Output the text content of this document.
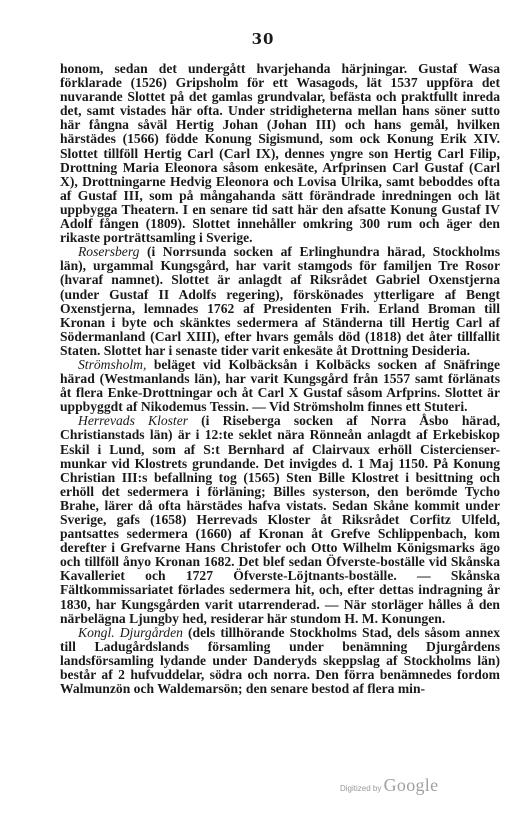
30

honom, sedan det undergått hvarjehanda härjningar. Gustaf Wasa förklarade (1526) Gripsholm för ett Wasagods, lät 1537 uppföra det nuvarande Slottet på det gamlas grundvalar, befästa och praktfullt inreda det, samt vistades här ofta. Under stridigheterna mellan hans söner sutto här fångna såväl Hertig Johan (Johan III) och hans gemål, hvilken härstädes (1566) födde Konung Sigismund, som ock Konung Erik XIV. Slottet tillföll Hertig Carl (Carl IX), dennes yngre son Hertig Carl Filip, Drottning Maria Eleonora såsom enkesäte, Arfprinsen Carl Gustaf (Carl X), Drottningarne Hedvig Eleonora och Lovisa Ulrika, samt beboddes ofta af Gustaf III, som på mångahanda sätt förändrade inredningen och lät uppbygga Theatern. I en senare tid satt här den afsatte Konung Gustaf IV Adolf fången (1809). Slottet innehåller omkring 300 rum och äger den rikaste porträttsamling i Sverige.

Rosersberg (i Norrsunda socken af Erlinghundra härad, Stockholms län), urgammal Kungsgård, har varit stamgods för familjen Tre Rosor (hvaraf namnet). Slottet är anlagdt af Riksrådet Gabriel Oxenstjerna (under Gustaf II Adolfs regering), förskönades ytterligare af Bengt Oxenstjerna, lemnades 1762 af Presidenten Frih. Erland Broman till Kronan i byte och skänktes sedermera af Ständerna till Hertig Carl af Södermanland (Carl XIII), efter hvars gemåls död (1818) det åter tillfallit Staten. Slottet har i senaste tider varit enkesäte åt Drottning Desideria.

Strömsholm, beläget vid Kolbäcksån i Kolbäcks socken af Snäfringe härad (Westmanlands län), har varit Kungsgård från 1557 samt förlänats åt flera Enke-Drottningar och åt Carl X Gustaf såsom Arfprins. Slottet är uppbyggdt af Nikodemus Tessin. — Vid Strömsholm finnes ett Stuteri.

Herrevads Kloster (i Riseberga socken af Norra Åsbo härad, Christianstads län) är i 12:te seklet nära Rönneån anlagdt af Erkebiskop Eskil i Lund, som af S:t Bernhard af Clairvaux erhöll Cistercienser-munkar vid Klostrets grundande. Det invigdes d. 1 Maj 1150. På Konung Christian III:s befallning tog (1565) Sten Bille Klostret i besittning och erhöll det sedermera i förläning; Billes systerson, den berömde Tycho Brahe, lärer då ofta härstädes hafva vistats. Sedan Skåne kommit under Sverige, gafs (1658) Herrevads Kloster åt Riksrådet Corfitz Ulfeld, pantsattes sedermera (1660) af Kronan åt Grefve Schlippenbach, kom derefter i Grefvarne Hans Christofer och Otto Wilhelm Königsmarks ägo och tillföll ånyo Kronan 1682. Det blef sedan Öfverste-boställe vid Skånska Kavalleriet och 1727 Öfverste-Löjtnants-boställe. — Skånska Fältkommissariatet förlades sedermera hit, och, efter dettas indragning år 1830, har Kungsgården varit utarrenderad. — När storläger hålles å den närbelägna Ljungby hed, residerar här stundom H. M. Konungen.

Kongl. Djurgården (dels tillhörande Stockholms Stad, dels såsom annex till Ladugårdslands församling under benämning Djurgårdens landsförsamling lydande under Danderyds skeppslag af Stockholms län) består af 2 hufvuddelar, södra och norra. Den förra benämnedes fordom Walmunzön och Waldemarsön; den senare bestod af flera min-

Digitized by Google
